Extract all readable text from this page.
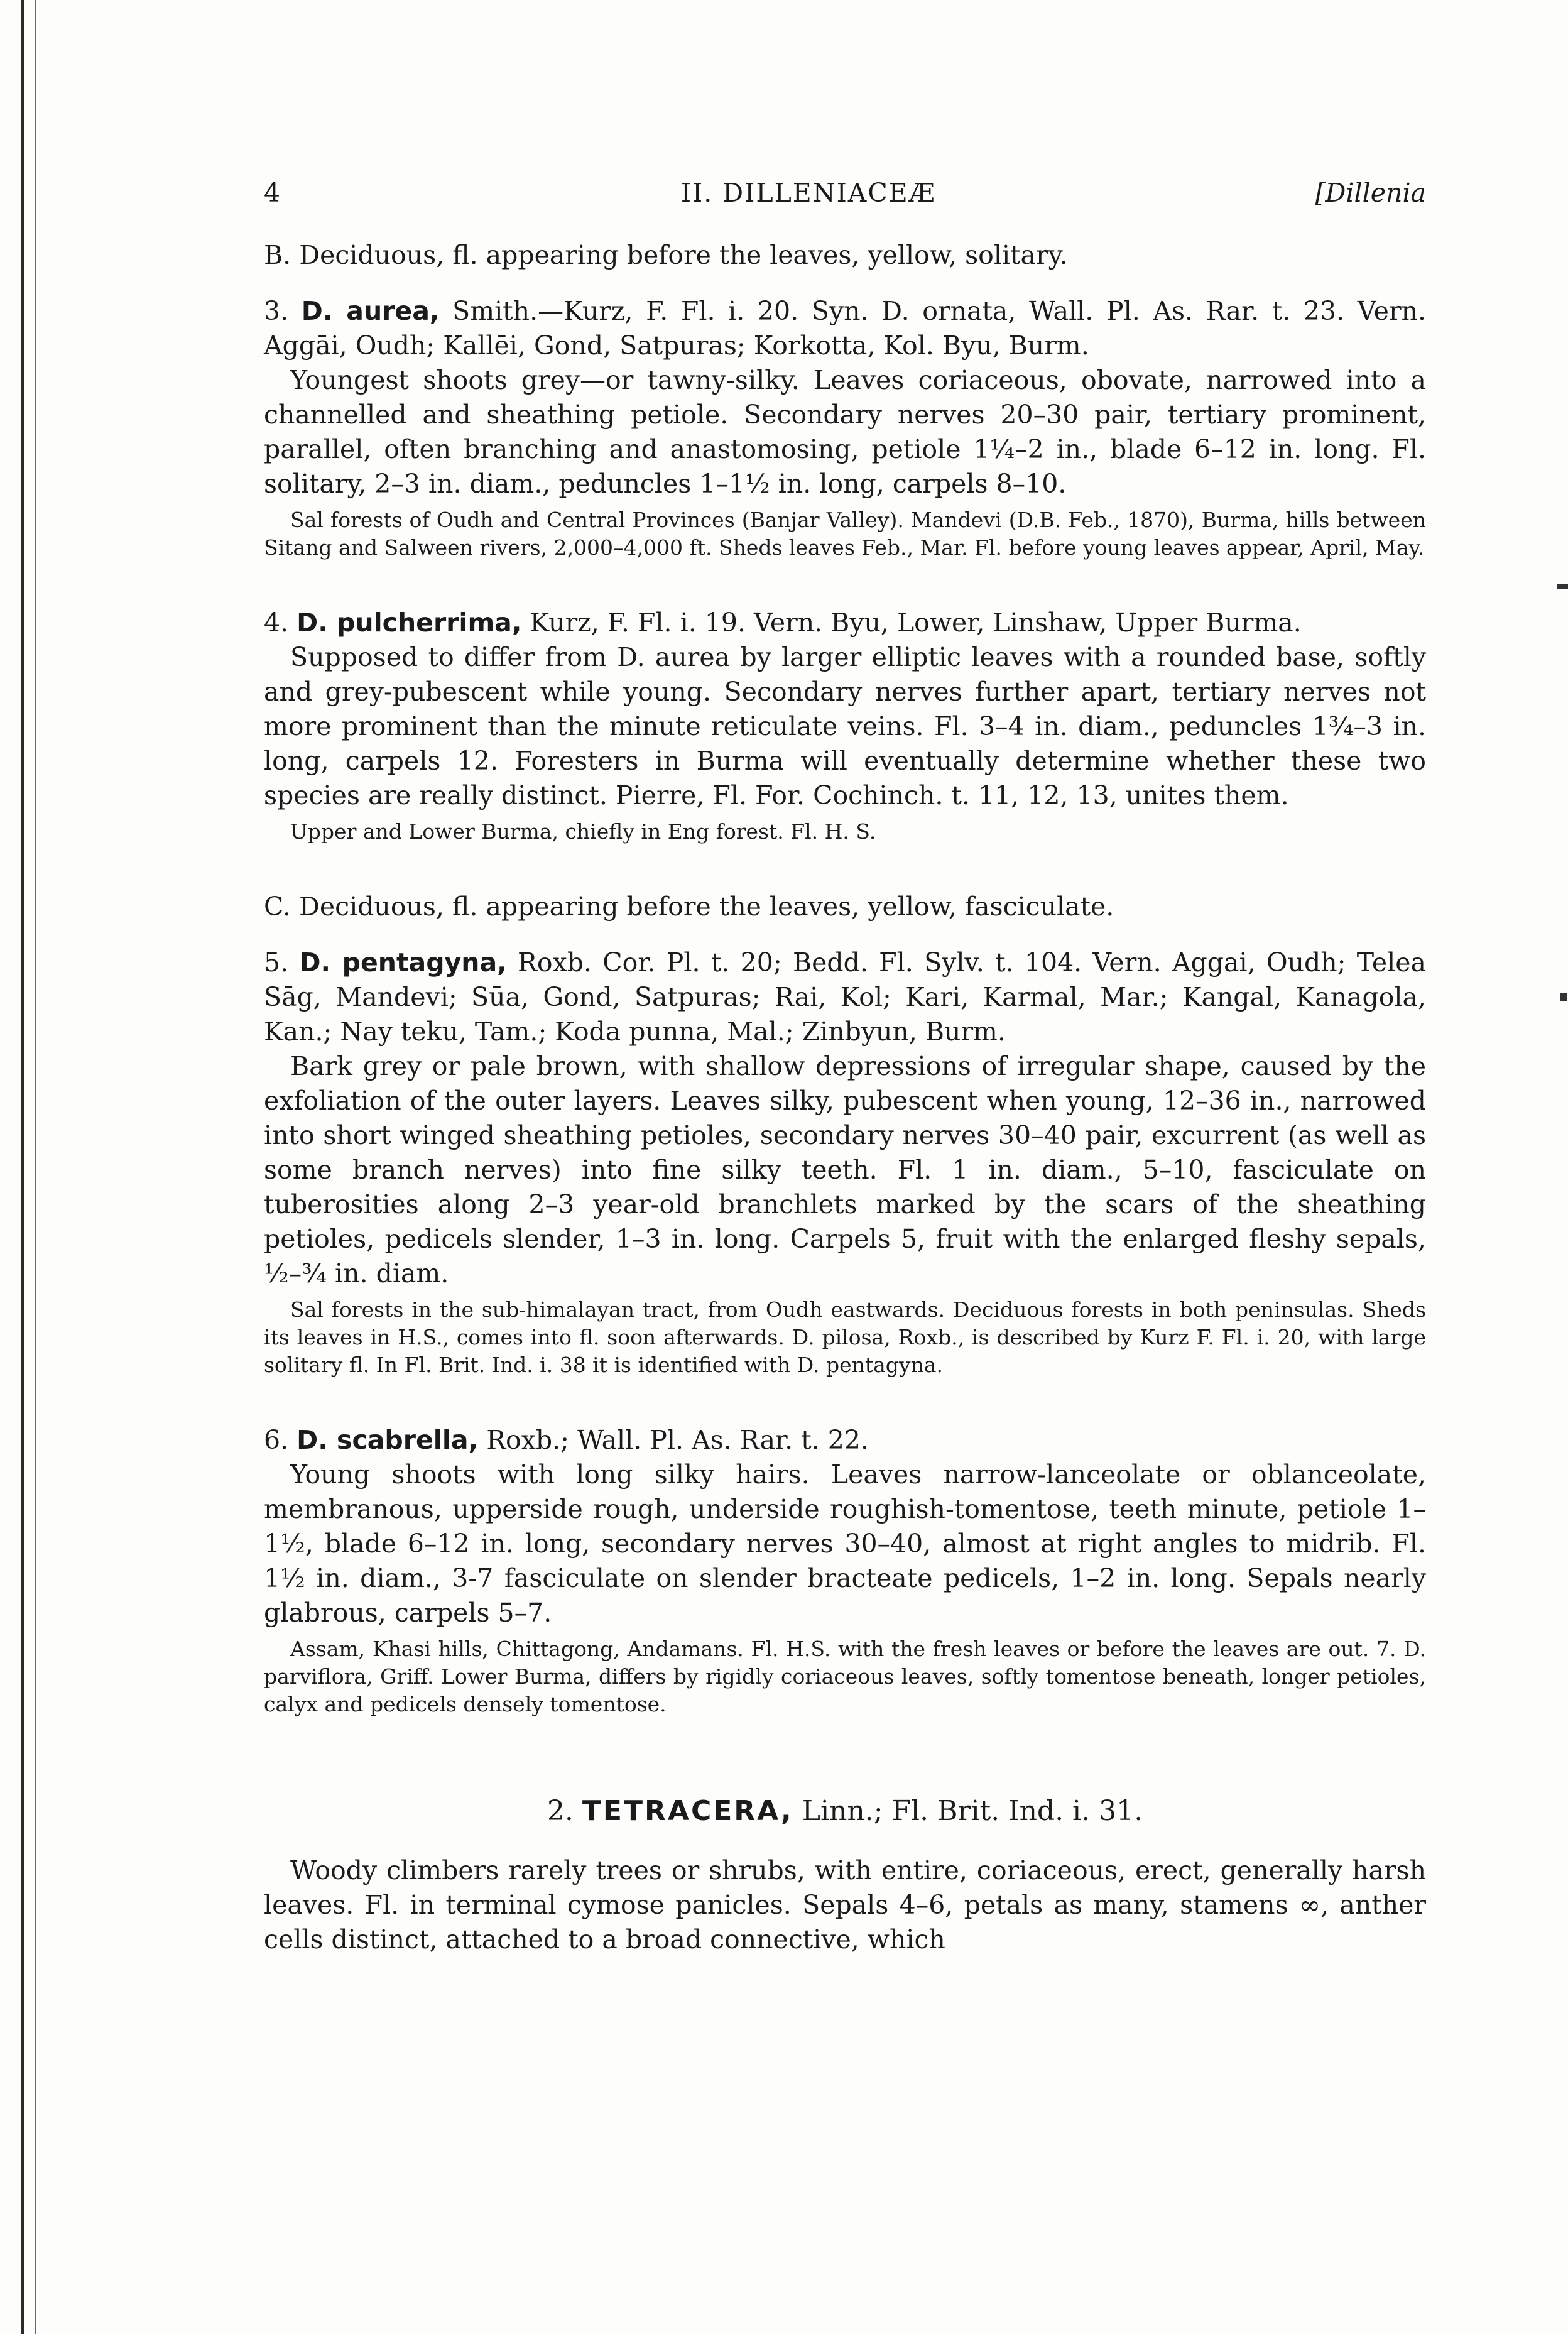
4	II. DILLENIACEÆ	[Dillenia

B. Deciduous, fl. appearing before the leaves, yellow, solitary.

3. D. aurea, Smith.—Kurz, F. Fl. i. 20. Syn. D. ornata, Wall. Pl. As. Rar. t. 23. Vern. Aggāi, Oudh; Kallēi, Gond, Satpuras; Korkotta, Kol. Byu, Burm.

Youngest shoots grey—or tawny-silky. Leaves coriaceous, obovate, narrowed into a channelled and sheathing petiole. Secondary nerves 20–30 pair, tertiary prominent, parallel, often branching and anastomosing, petiole 1¼–2 in., blade 6–12 in. long. Fl. solitary, 2–3 in. diam., peduncles 1–1½ in. long, carpels 8–10.

Sal forests of Oudh and Central Provinces (Banjar Valley). Mandevi (D.B. Feb., 1870), Burma, hills between Sitang and Salween rivers, 2,000–4,000 ft. Sheds leaves Feb., Mar. Fl. before young leaves appear, April, May.

4. D. pulcherrima, Kurz, F. Fl. i. 19. Vern. Byu, Lower, Linshaw, Upper Burma.

Supposed to differ from D. aurea by larger elliptic leaves with a rounded base, softly and grey-pubescent while young. Secondary nerves further apart, tertiary nerves not more prominent than the minute reticulate veins. Fl. 3–4 in. diam., peduncles 1¾–3 in. long, carpels 12. Foresters in Burma will eventually determine whether these two species are really distinct. Pierre, Fl. For. Cochinch. t. 11, 12, 13, unites them.

Upper and Lower Burma, chiefly in Eng forest. Fl. H. S.

C. Deciduous, fl. appearing before the leaves, yellow, fasciculate.

5. D. pentagyna, Roxb. Cor. Pl. t. 20; Bedd. Fl. Sylv. t. 104. Vern. Aggai, Oudh; Telea Sāg, Mandevi; Sūa, Gond, Satpuras; Rai, Kol; Kari, Karmal, Mar.; Kangal, Kanagola, Kan.; Nay teku, Tam.; Koda punna, Mal.; Zinbyun, Burm.

Bark grey or pale brown, with shallow depressions of irregular shape, caused by the exfoliation of the outer layers. Leaves silky, pubescent when young, 12–36 in., narrowed into short winged sheathing petioles, secondary nerves 30–40 pair, excurrent (as well as some branch nerves) into fine silky teeth. Fl. 1 in. diam., 5–10, fasciculate on tuberosities along 2–3 year-old branchlets marked by the scars of the sheathing petioles, pedicels slender, 1–3 in. long. Carpels 5, fruit with the enlarged fleshy sepals, ½–¾ in. diam.

Sal forests in the sub-himalayan tract, from Oudh eastwards. Deciduous forests in both peninsulas. Sheds its leaves in H.S., comes into fl. soon afterwards. D. pilosa, Roxb., is described by Kurz F. Fl. i. 20, with large solitary fl. In Fl. Brit. Ind. i. 38 it is identified with D. pentagyna.

6. D. scabrella, Roxb.; Wall. Pl. As. Rar. t. 22.

Young shoots with long silky hairs. Leaves narrow-lanceolate or oblanceolate, membranous, upperside rough, underside roughish-tomentose, teeth minute, petiole 1–1½, blade 6–12 in. long, secondary nerves 30–40, almost at right angles to midrib. Fl. 1½ in. diam., 3-7 fasciculate on slender bracteate pedicels, 1–2 in. long. Sepals nearly glabrous, carpels 5–7.

Assam, Khasi hills, Chittagong, Andamans. Fl. H.S. with the fresh leaves or before the leaves are out. 7. D. parviflora, Griff. Lower Burma, differs by rigidly coriaceous leaves, softly tomentose beneath, longer petioles, calyx and pedicels densely tomentose.

2. TETRACERA, Linn.; Fl. Brit. Ind. i. 31.

Woody climbers rarely trees or shrubs, with entire, coriaceous, erect, generally harsh leaves. Fl. in terminal cymose panicles. Sepals 4–6, petals as many, stamens ∞, anther cells distinct, attached to a broad connective, which
